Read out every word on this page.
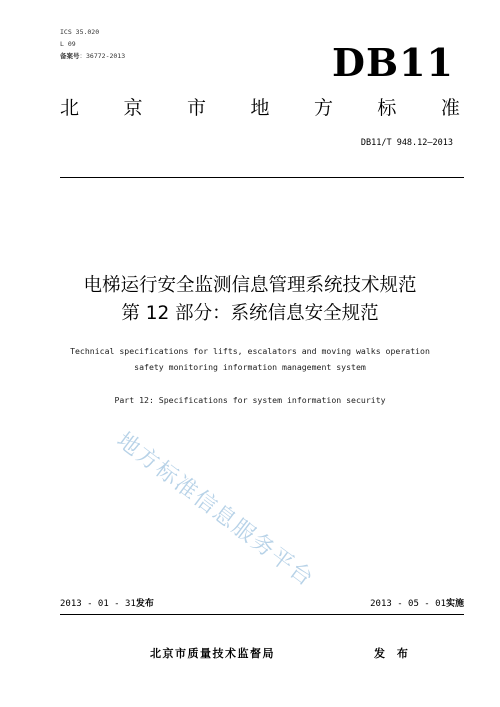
ICS 35.020
L 09
备案号：36772-2013	DB11
北 京 市 地 方 标 准
DB11/T 948.12—2013
电梯运行安全监测信息管理系统技术规范
第 12 部分：系统信息安全规范
Technical specifications for lifts, escalators and moving walks operation
safety monitoring information management system
Part 12: Specifications for system information security
地方标准信息服务平台
2013 - 01 - 31发布	2013 - 05 - 01实施
北京市质量技术监督局	发 布
